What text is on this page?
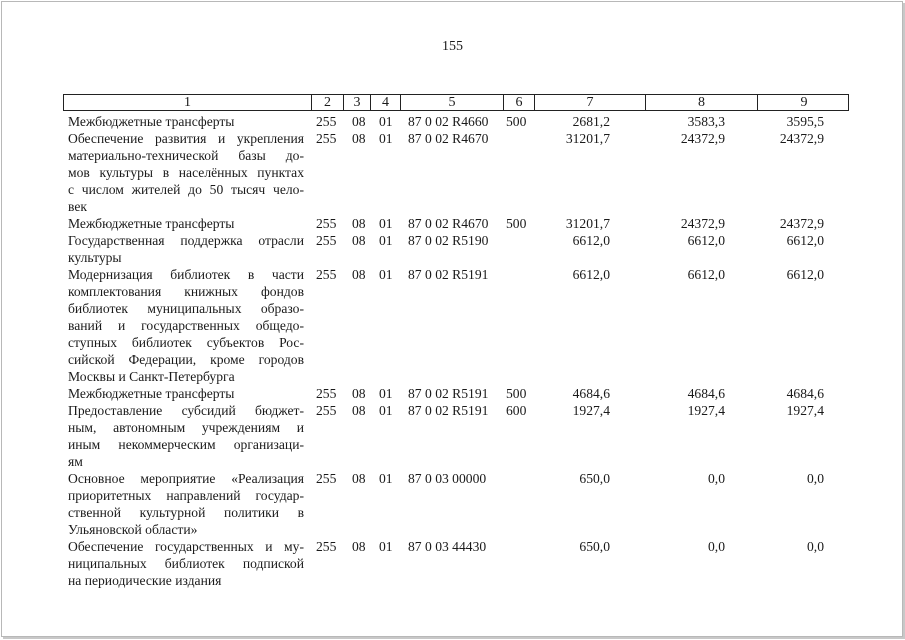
155
1	2	3	4	5	6	7	8	9
Межбюджетные трансферты	255 08 01 87 0 02 R4660 500	2681,2	3583,3	3595,5
Обеспечение развития и укрепления
материально-технической базы до-
мов культуры в населённых пунктах
с числом жителей до 50 тысяч чело-
век
255 08 01 87 0 02 R4670	31201,7	24372,9	24372,9
Межбюджетные трансферты	255 08 01 87 0 02 R4670 500	31201,7	24372,9	24372,9
Государственная поддержка отрасли
культуры
255 08 01 87 0 02 R5190	6612,0	6612,0	6612,0
Модернизация библиотек в части
комплектования книжных фондов
библиотек муниципальных образо-
ваний и государственных общедо-
ступных библиотек субъектов Рос-
сийской Федерации, кроме городов
Москвы и Санкт-Петербурга
255 08 01 87 0 02 R5191	6612,0	6612,0	6612,0
Межбюджетные трансферты	255 08 01 87 0 02 R5191 500	4684,6	4684,6	4684,6
Предоставление субсидий бюджет-
ным, автономным учреждениям и
иным некоммерческим организаци-
ям
255 08 01 87 0 02 R5191 600	1927,4	1927,4	1927,4
Основное мероприятие «Реализация
приоритетных направлений государ-
ственной культурной политики в
Ульяновской области»
255 08 01 87 0 03 00000	650,0	0,0	0,0
Обеспечение государственных и му-
ниципальных библиотек подпиской
на периодические издания
255 08 01 87 0 03 44430	650,0	0,0	0,0
